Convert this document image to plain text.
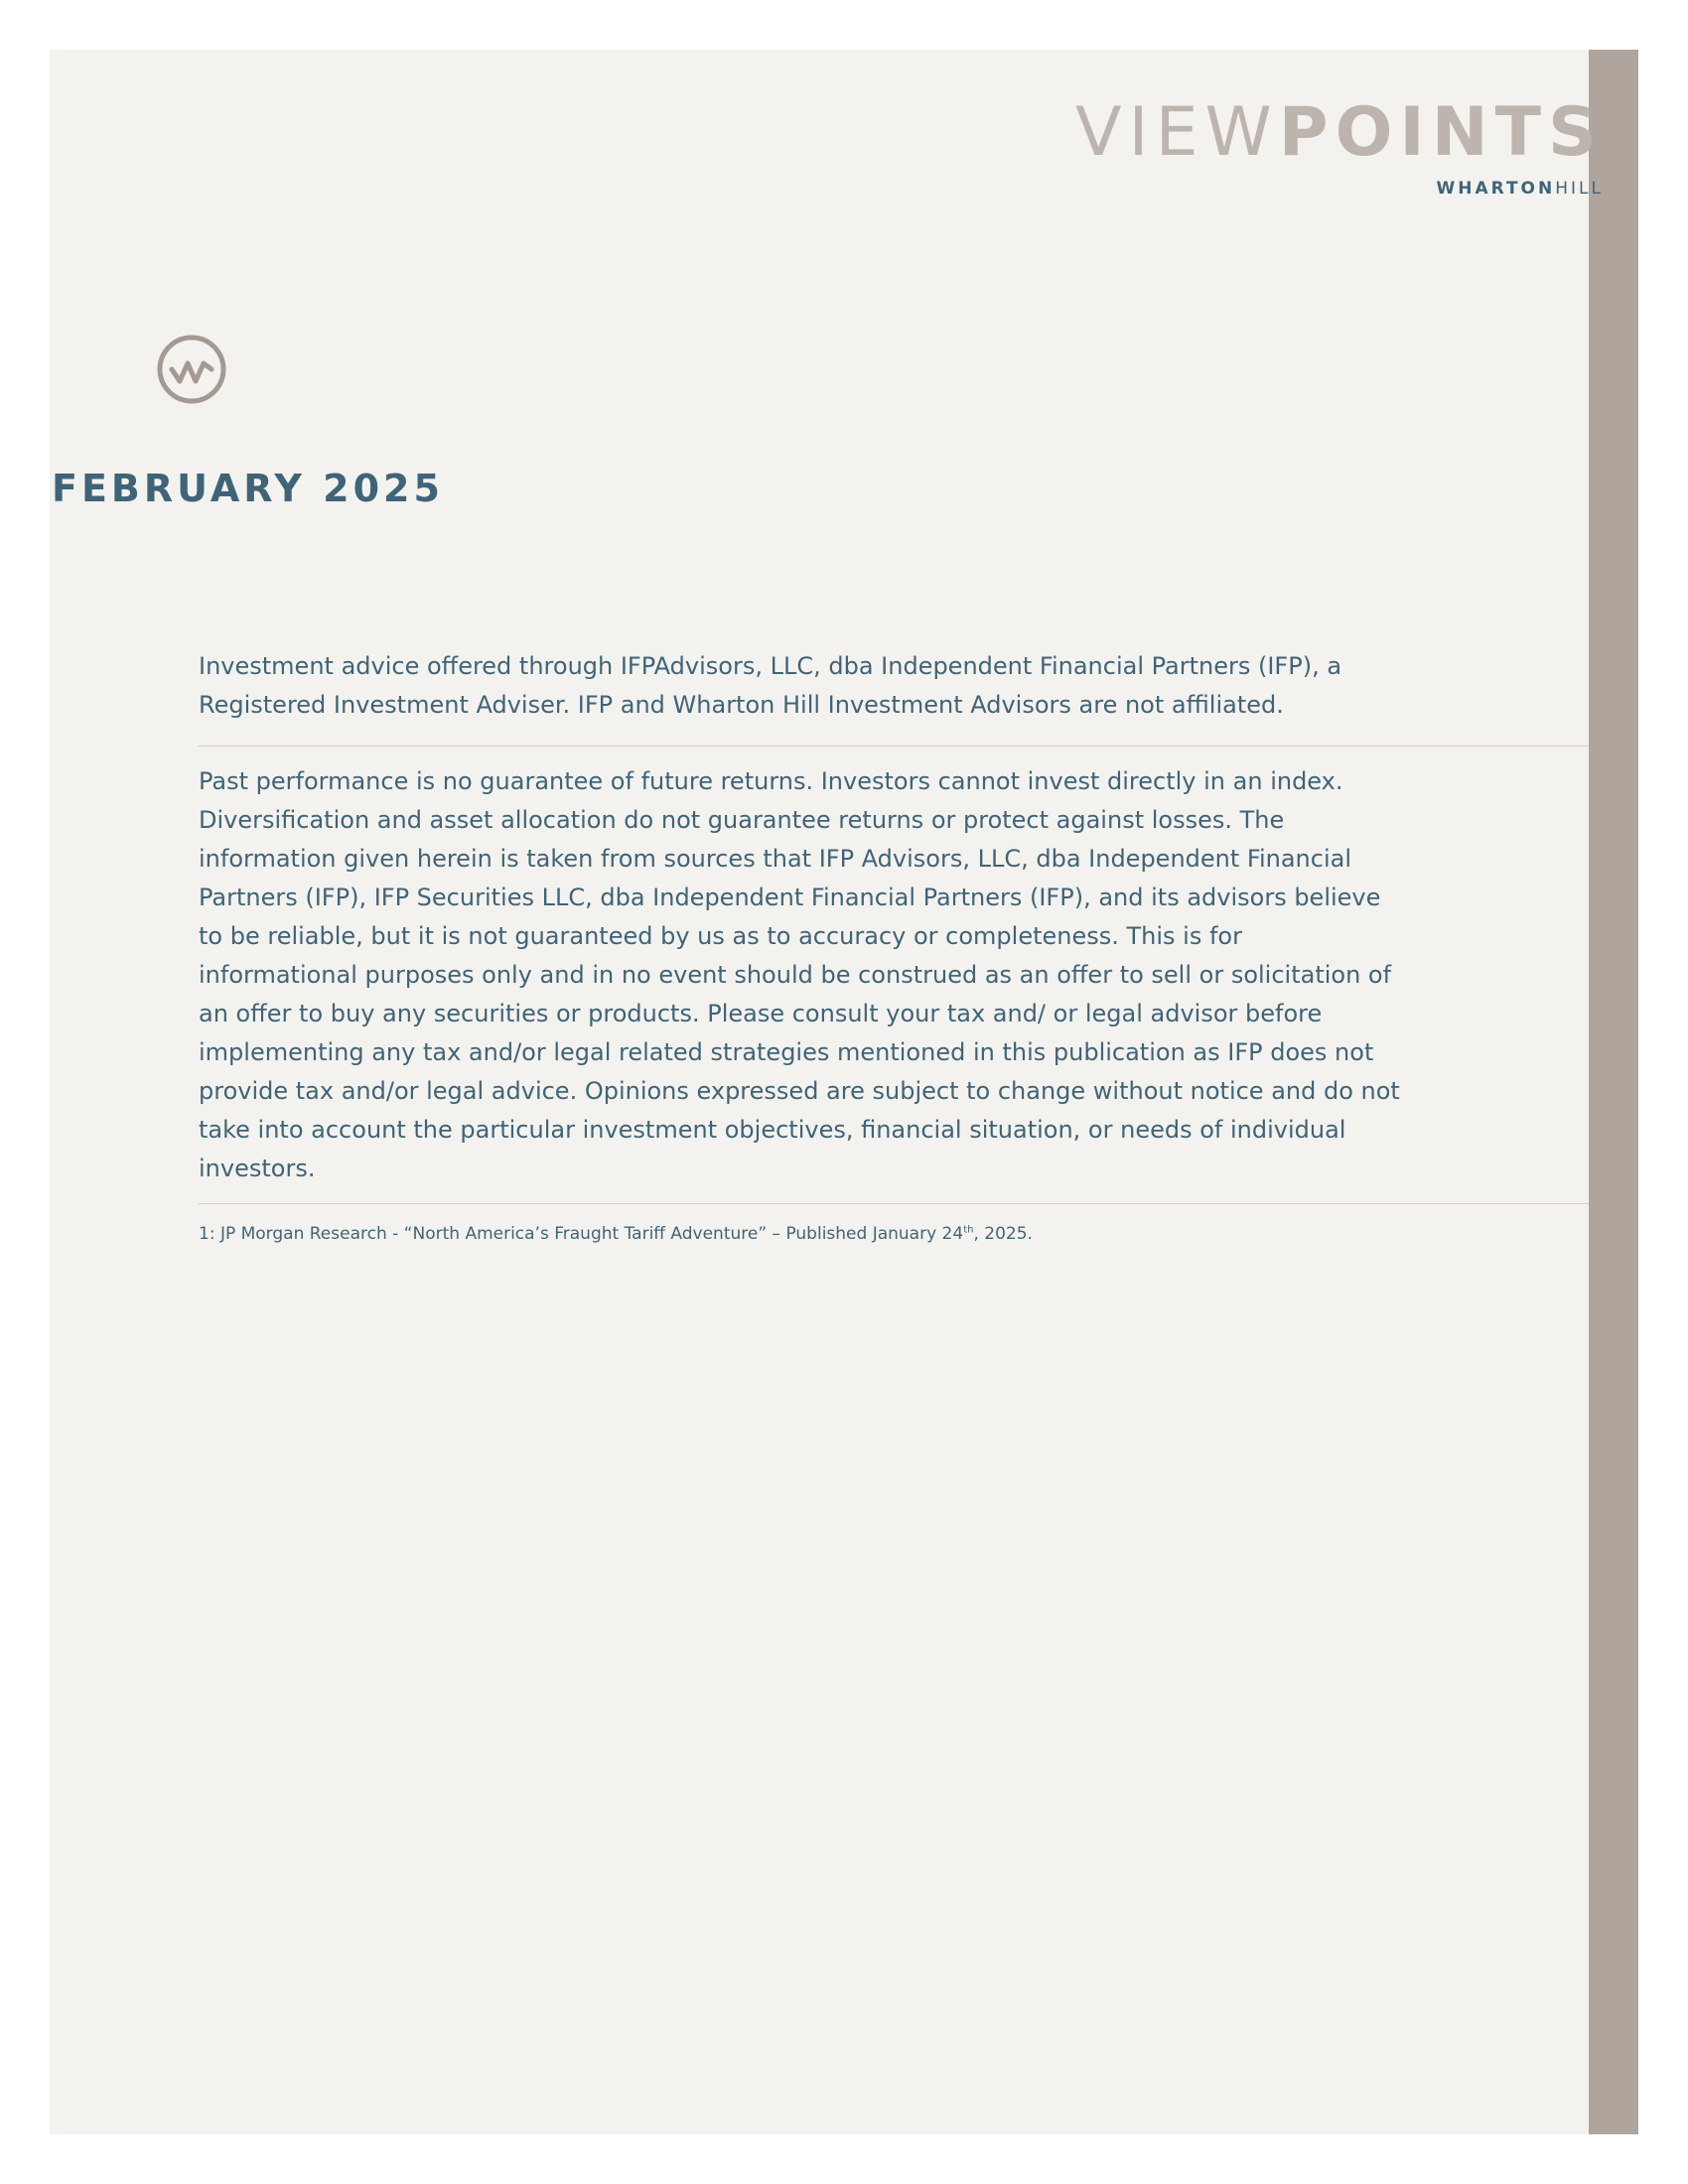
VIEWPOINTS
WHARTONHILL
FEBRUARY 2025
Investment advice offered through IFPAdvisors, LLC, dba Independent Financial Partners (IFP), a Registered Investment Adviser. IFP and Wharton Hill Investment Advisors are not affiliated.
Past performance is no guarantee of future returns. Investors cannot invest directly in an index. Diversification and asset allocation do not guarantee returns or protect against losses. The information given herein is taken from sources that IFP Advisors, LLC, dba Independent Financial Partners (IFP), IFP Securities LLC, dba Independent Financial Partners (IFP), and its advisors believe to be reliable, but it is not guaranteed by us as to accuracy or completeness. This is for informational purposes only and in no event should be construed as an offer to sell or solicitation of an offer to buy any securities or products. Please consult your tax and/ or legal advisor before implementing any tax and/or legal related strategies mentioned in this publication as IFP does not provide tax and/or legal advice. Opinions expressed are subject to change without notice and do not take into account the particular investment objectives, financial situation, or needs of individual investors.
1: JP Morgan Research - “North America’s Fraught Tariff Adventure” – Published January 24th, 2025.
